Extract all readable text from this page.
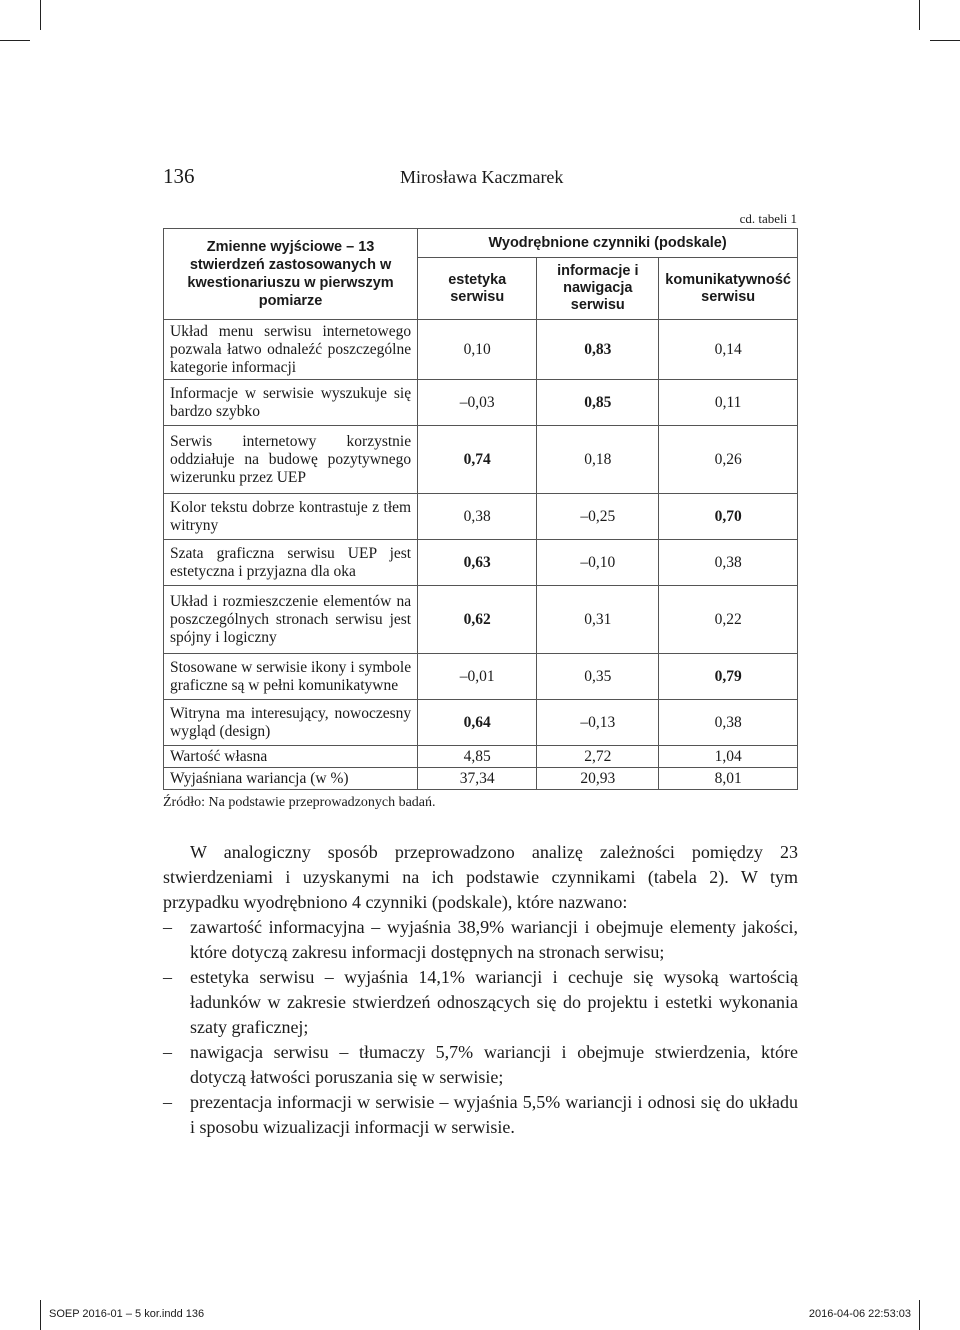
136	Mirosława Kaczmarek
cd. tabeli 1
Zmienne wyjściowe – 13 stwierdzeń zastosowanych w kwestionariuszu w pierwszym pomiarze	Wyodrębnione czynniki (podskale)		
	estetyka serwisu	informacje i nawigacja serwisu	komunikatywność serwisu
Układ menu serwisu internetowego pozwala łatwo odnaleźć poszczególne kategorie informacji	0,10	0,83	0,14
Informacje w serwisie wyszukuje się bardzo szybko	–0,03	0,85	0,11
Serwis internetowy korzystnie oddziałuje na budowę pozytywnego wizerunku przez UEP	0,74	0,18	0,26
Kolor tekstu dobrze kontrastuje z tłem witryny	0,38	–0,25	0,70
Szata graficzna serwisu UEP jest estetyczna i przyjazna dla oka	0,63	–0,10	0,38
Układ i rozmieszczenie elementów na poszczególnych stronach serwisu jest spójny i logiczny	0,62	0,31	0,22
Stosowane w serwisie ikony i symbole graficzne są w pełni komunikatywne	–0,01	0,35	0,79
Witryna ma interesujący, nowoczesny wygląd (design)	0,64	–0,13	0,38
Wartość własna	4,85	2,72	1,04
Wyjaśniana wariancja (w %)	37,34	20,93	8,01
Źródło: Na podstawie przeprowadzonych badań.

W analogiczny sposób przeprowadzono analizę zależności pomiędzy 23 stwierdzeniami i uzyskanymi na ich podstawie czynnikami (tabela 2). W tym przypadku wyodrębniono 4 czynniki (podskale), które nazwano:

– zawartość informacyjna – wyjaśnia 38,9% wariancji i obejmuje elementy jakości, które dotyczą zakresu informacji dostępnych na stronach serwisu;
– estetyka serwisu – wyjaśnia 14,1% wariancji i cechuje się wysoką wartością ładunków w zakresie stwierdzeń odnoszących się do projektu i estetki wykonania szaty graficznej;
– nawigacja serwisu – tłumaczy 5,7% wariancji i obejmuje stwierdzenia, które dotyczą łatwości poruszania się w serwisie;
– prezentacja informacji w serwisie – wyjaśnia 5,5% wariancji i odnosi się do układu i sposobu wizualizacji informacji w serwisie.
SOEP 2016-01 – 5 kor.indd 136	2016-04-06 22:53:03
